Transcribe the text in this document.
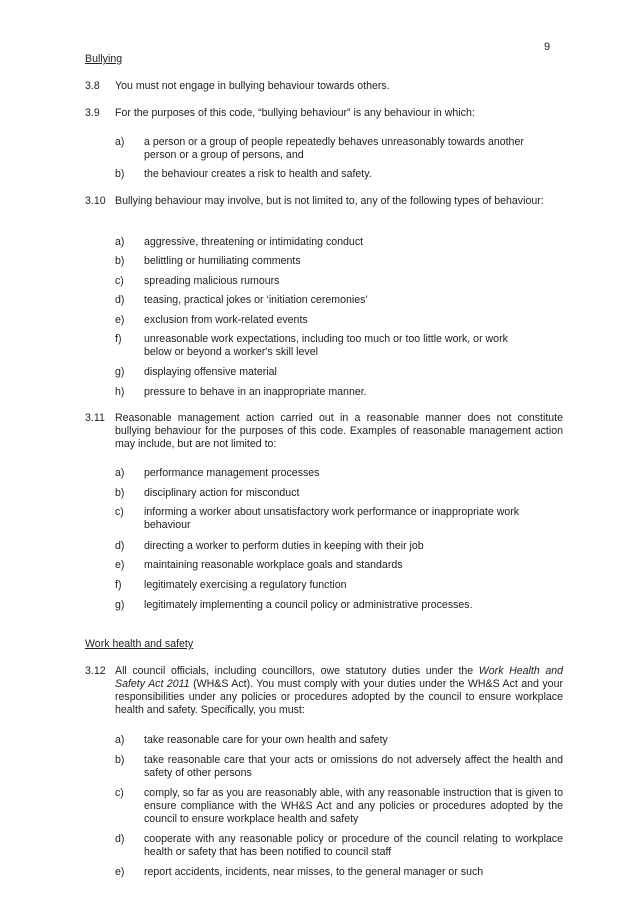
9
Bullying
3.8 You must not engage in bullying behaviour towards others.
3.9 For the purposes of this code, “bullying behaviour” is any behaviour in which:
a) a person or a group of people repeatedly behaves unreasonably towards another person or a group of persons, and
b) the behaviour creates a risk to health and safety.
3.10 Bullying behaviour may involve, but is not limited to, any of the following types of behaviour:
a) aggressive, threatening or intimidating conduct
b) belittling or humiliating comments
c) spreading malicious rumours
d) teasing, practical jokes or ‘initiation ceremonies’
e) exclusion from work-related events
f) unreasonable work expectations, including too much or too little work, or work below or beyond a worker's skill level
g) displaying offensive material
h) pressure to behave in an inappropriate manner.
3.11 Reasonable management action carried out in a reasonable manner does not constitute bullying behaviour for the purposes of this code. Examples of reasonable management action may include, but are not limited to:
a) performance management processes
b) disciplinary action for misconduct
c) informing a worker about unsatisfactory work performance or inappropriate work behaviour
d) directing a worker to perform duties in keeping with their job
e) maintaining reasonable workplace goals and standards
f) legitimately exercising a regulatory function
g) legitimately implementing a council policy or administrative processes.
Work health and safety
3.12 All council officials, including councillors, owe statutory duties under the Work Health and Safety Act 2011 (WH&S Act). You must comply with your duties under the WH&S Act and your responsibilities under any policies or procedures adopted by the council to ensure workplace health and safety. Specifically, you must:
a) take reasonable care for your own health and safety
b) take reasonable care that your acts or omissions do not adversely affect the health and safety of other persons
c) comply, so far as you are reasonably able, with any reasonable instruction that is given to ensure compliance with the WH&S Act and any policies or procedures adopted by the council to ensure workplace health and safety
d) cooperate with any reasonable policy or procedure of the council relating to workplace health or safety that has been notified to council staff
e) report accidents, incidents, near misses, to the general manager or such
